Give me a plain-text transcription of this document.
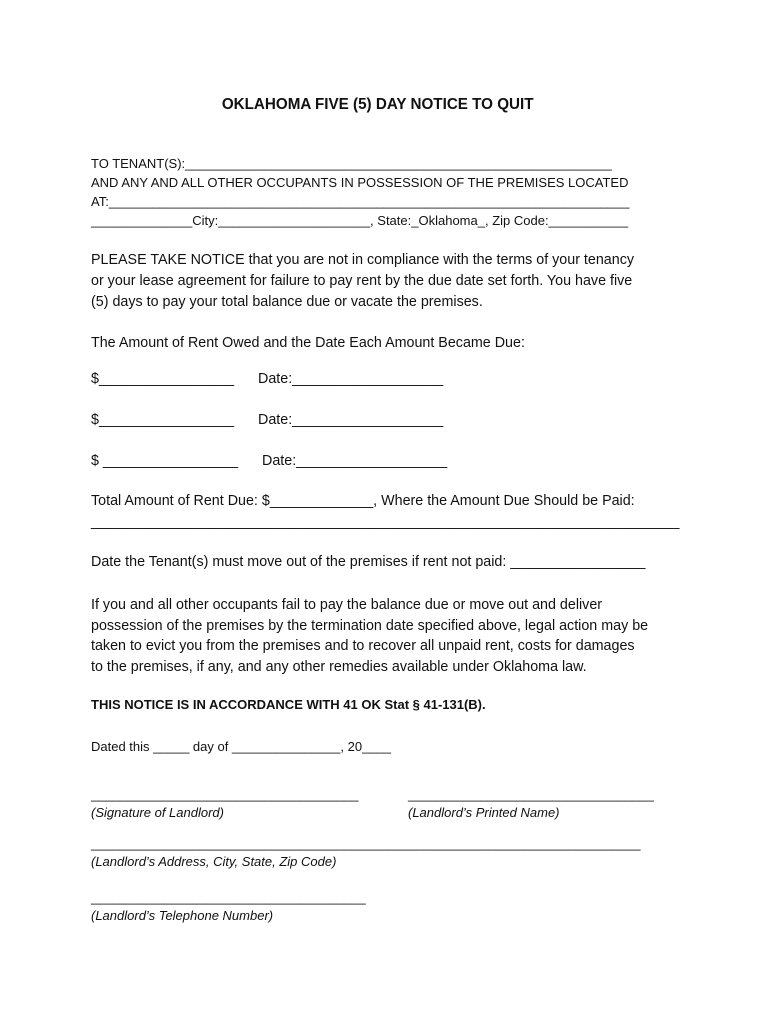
OKLAHOMA FIVE (5) DAY NOTICE TO QUIT
TO TENANT(S):___________________________________________________________
AND ANY AND ALL OTHER OCCUPANTS IN POSSESSION OF THE PREMISES LOCATED
AT:________________________________________________________________________
______________City:_____________________, State:_Oklahoma_, Zip Code:___________
PLEASE TAKE NOTICE that you are not in compliance with the terms of your tenancy
or your lease agreement for failure to pay rent by the due date set forth. You have five
(5) days to pay your total balance due or vacate the premises.
The Amount of Rent Owed and the Date Each Amount Became Due:
$_________________ Date:___________________
$_________________ Date:___________________
$ _________________ Date:___________________
Total Amount of Rent Due: $_____________, Where the Amount Due Should be Paid:
__________________________________________________________________________
Date the Tenant(s) must move out of the premises if rent not paid: _________________
If you and all other occupants fail to pay the balance due or move out and deliver
possession of the premises by the termination date specified above, legal action may be
taken to evict you from the premises and to recover all unpaid rent, costs for damages
to the premises, if any, and any other remedies available under Oklahoma law.
THIS NOTICE IS IN ACCORDANCE WITH 41 OK Stat § 41-131(B).
Dated this _____ day of _______________, 20____
_____________________________________
(Signature of Landlord)
__________________________________
(Landlord’s Printed Name)
____________________________________________________________________________
(Landlord’s Address, City, State, Zip Code)
______________________________________
(Landlord’s Telephone Number)
